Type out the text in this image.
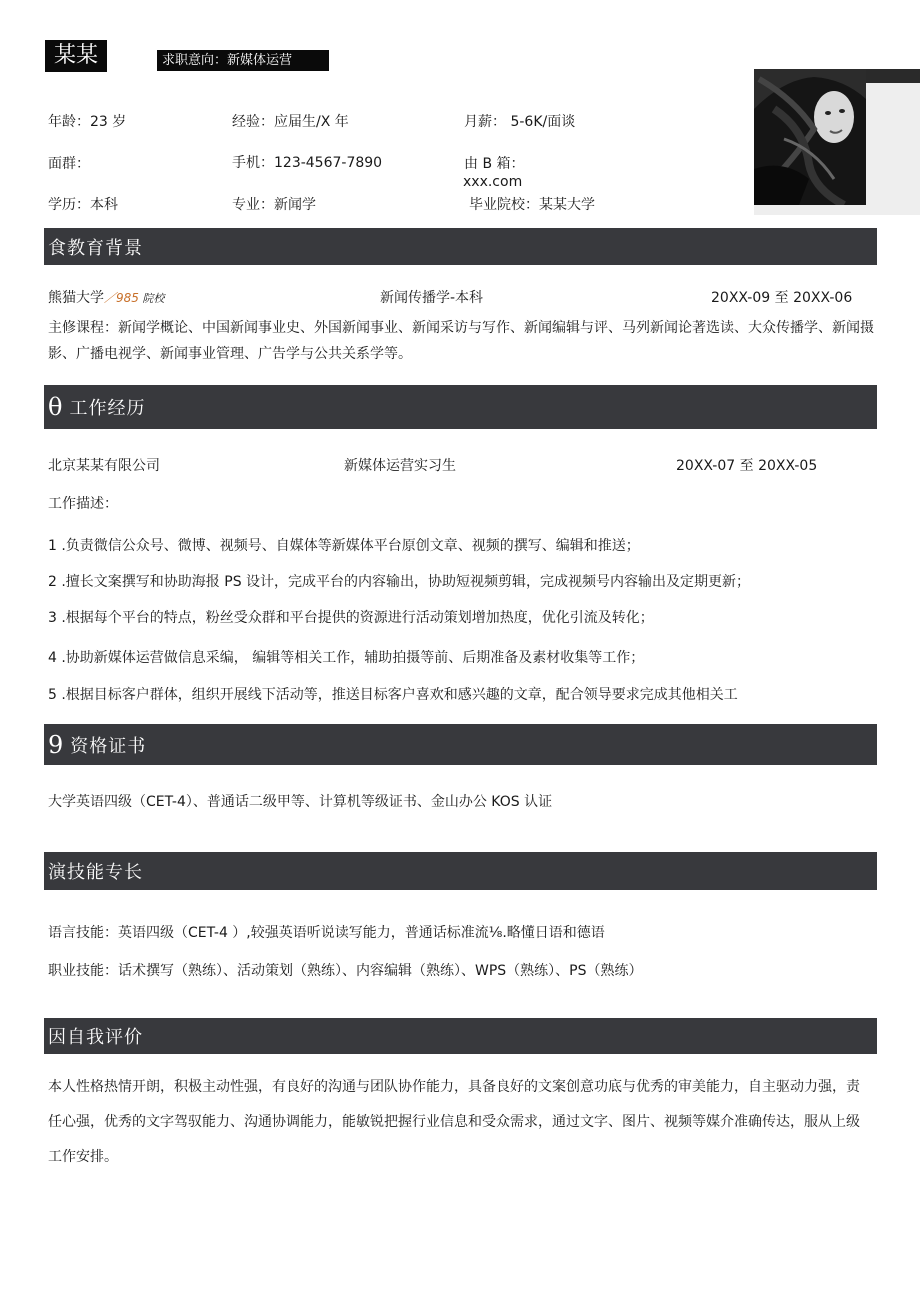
某某	求职意向：新媒体运营
年龄：23 岁	经验：应届生/X 年	月薪： 5-6K/面谈
面群：	手机：123-4567-7890	由 B 箱：
xxx.com
学历：本科	专业：新闻学	毕业院校：某某大学
食 教育背景
熊猫大学／985 院校	新闻传播学-本科	20XX-09 至 20XX-06
主修课程：新闻学概论、中国新闻事业史、外国新闻事业、新闻采访与写作、新闻编辑与评、马列新闻论著选读、大众传播学、新闻摄影、广播电视学、新闻事业管理、广告学与公共关系学等。
θ 工作经历
北京某某有限公司	新媒体运营实习生	20XX-07 至 20XX-05
工作描述：
1 .负责微信公众号、微博、视频号、自媒体等新媒体平台原创文章、视频的撰写、编辑和推送；
2 .擅长文案撰写和协助海报 PS 设计，完成平台的内容输出，协助短视频剪辑，完成视频号内容输出及定期更新；
3 .根据每个平台的特点，粉丝受众群和平台提供的资源进行活动策划增加热度，优化引流及转化；
4 .协助新媒体运营做信息采编， 编辑等相关工作，辅助拍摄等前、后期准备及素材收集等工作；
5 .根据目标客户群体，组织开展线下活动等，推送目标客户喜欢和感兴趣的文章，配合领导要求完成其他相关工
9 资格证书
大学英语四级（CET-4）、普通话二级甲等、计算机等级证书、金山办公 KOS 认证
演 技能专长
语言技能：英语四级（CET-4 ）,较强英语听说读写能力，普通话标准流⅛.略懂日语和德语
职业技能：话术撰写（熟练）、活动策划（熟练）、内容编辑（熟练）、WPS（熟练）、PS（熟练）
因 自我评价
本人性格热情开朗，积极主动性强，有良好的沟通与团队协作能力，具备良好的文案创意功底与优秀的审美能力，自主驱动力强，责任心强，优秀的文字驾驭能力、沟通协调能力，能敏锐把握行业信息和受众需求，通过文字、图片、视频等媒介准确传达，服从上级工作安排。
